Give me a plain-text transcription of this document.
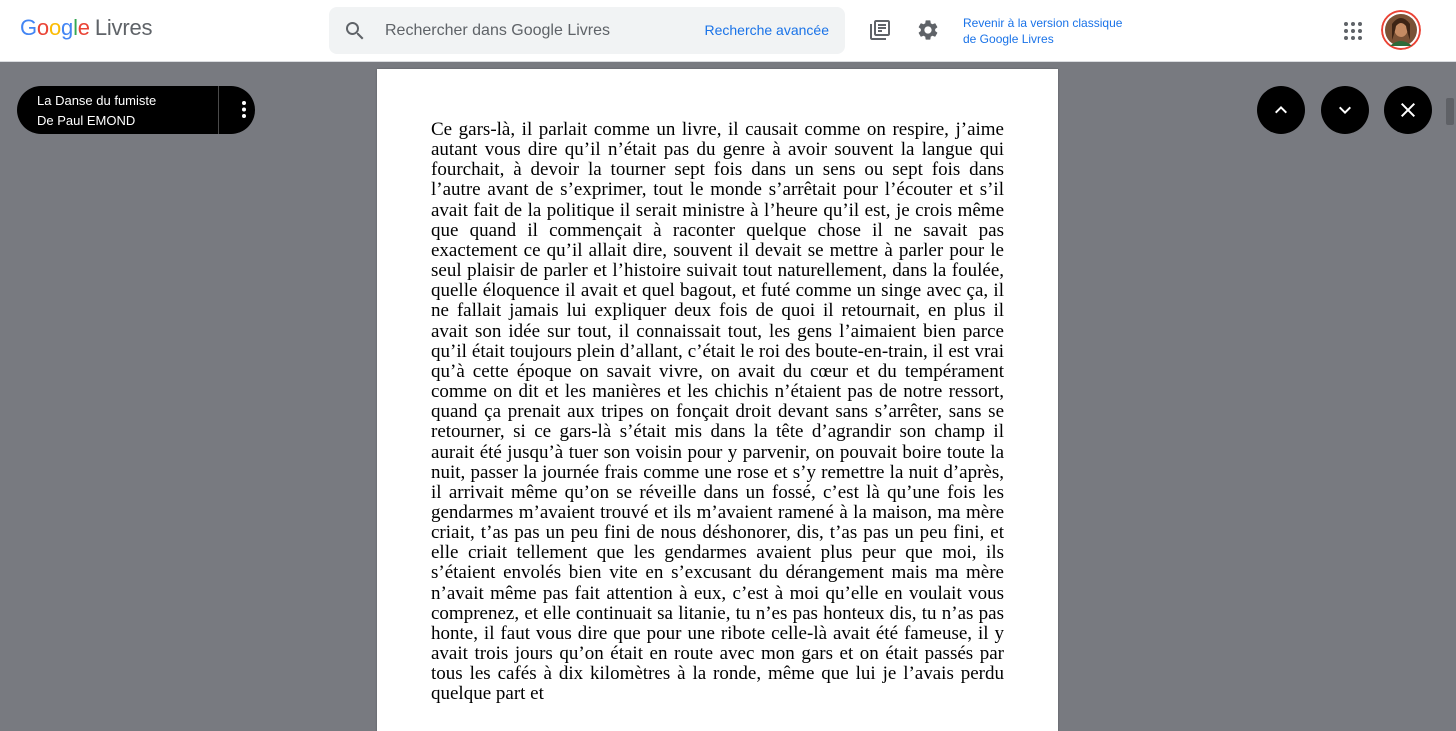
Google Livres
Rechercher dans Google Livres	Recherche avancée	Revenir à la version classique
de Google Livres
La Danse du fumiste
De Paul EMOND	Ce gars-là, il parlait comme un livre, il causait comme on respire, j’aime autant vous dire qu’il n’était pas du genre à avoir souvent la langue qui fourchait, à devoir la tourner sept fois dans un sens ou sept fois dans l’autre avant de s’exprimer, tout le monde s’arrêtait pour l’écouter et s’il avait fait de la politique il serait ministre à l’heure qu’il est, je crois même que quand il commençait à raconter quelque chose il ne savait pas exactement ce qu’il allait dire, souvent il devait se mettre à parler pour le seul plaisir de parler et l’histoire suivait tout naturellement, dans la foulée, quelle éloquence il avait et quel bagout, et futé comme un singe avec ça, il ne fallait jamais lui expliquer deux fois de quoi il retournait, en plus il avait son idée sur tout, il connaissait tout, les gens l’aimaient bien parce qu’il était toujours plein d’allant, c’était le roi des boute-en-train, il est vrai qu’à cette époque on savait vivre, on avait du cœur et du tempérament comme on dit et les manières et les chichis n’étaient pas de notre ressort, quand ça prenait aux tripes on fonçait droit devant sans s’arrêter, sans se retourner, si ce gars-là s’était mis dans la tête d’agrandir son champ il aurait été jusqu’à tuer son voisin pour y parvenir, on pouvait boire toute la nuit, passer la journée frais comme une rose et s’y remettre la nuit d’après, il arrivait même qu’on se réveille dans un fossé, c’est là qu’une fois les gendarmes m’avaient trouvé et ils m’avaient ramené à la maison, ma mère criait, t’as pas un peu fini de nous déshonorer, dis, t’as pas un peu fini, et elle criait tellement que les gendarmes avaient plus peur que moi, ils s’étaient envolés bien vite en s’excusant du dérangement mais ma mère n’avait même pas fait attention à eux, c’est à moi qu’elle en voulait vous comprenez, et elle continuait sa litanie, tu n’es pas honteux dis, tu n’as pas honte, il faut vous dire que pour une ribote celle-là avait été fameuse, il y avait trois jours qu’on était en route avec mon gars et on était passés par tous les cafés à dix kilomètres à la ronde, même que lui je l’avais perdu quelque part et
